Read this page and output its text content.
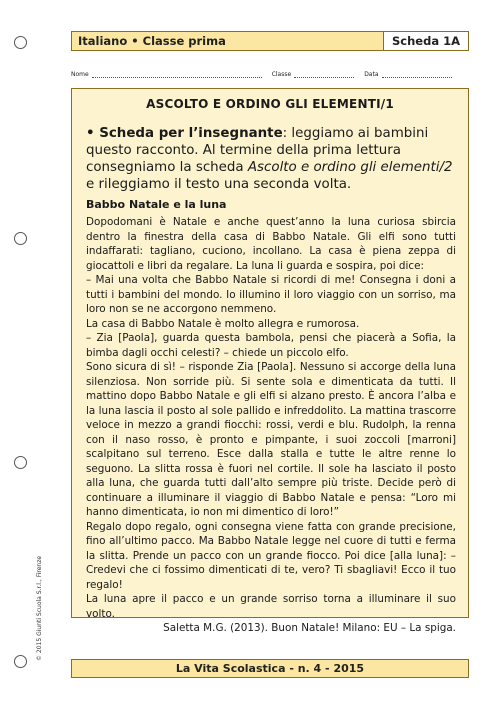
Italiano • Classe prima	Scheda 1A
Nome	Classe	Data
ASCOLTO E ORDINO GLI ELEMENTI/1
• Scheda per l’insegnante: leggiamo ai bambini questo racconto. Al termine della prima lettura consegniamo la scheda Ascolto e ordino gli elementi/2 e rileggiamo il testo una seconda volta.
Babbo Natale e la luna
Dopodomani è Natale e anche quest’anno la luna curiosa sbircia dentro la finestra della casa di Babbo Natale. Gli elfi sono tutti indaffarati: tagliano, cuciono, incollano. La casa è piena zeppa di giocattoli e libri da regalare. La luna li guarda e sospira, poi dice:
– Mai una volta che Babbo Natale si ricordi di me! Consegna i doni a tutti i bambini del mondo. Io illumino il loro viaggio con un sorriso, ma loro non se ne accorgono nemmeno.
La casa di Babbo Natale è molto allegra e rumorosa.
– Zia [Paola], guarda questa bambola, pensi che piacerà a Sofia, la bimba dagli occhi celesti? – chiede un piccolo elfo.
Sono sicura di sì! – risponde Zia [Paola]. Nessuno si accorge della luna silenziosa. Non sorride più. Si sente sola e dimenticata da tutti. Il mattino dopo Babbo Natale e gli elfi si alzano presto. È ancora l’alba e la luna lascia il posto al sole pallido e infreddolito. La mattina trascorre veloce in mezzo a grandi fiocchi: rossi, verdi e blu. Rudolph, la renna con il naso rosso, è pronto e pimpante, i suoi zoccoli [marroni] scalpitano sul terreno. Esce dalla stalla e tutte le altre renne lo seguono. La slitta rossa è fuori nel cortile. Il sole ha lasciato il posto alla luna, che guarda tutti dall’alto sempre più triste. Decide però di continuare a illuminare il viaggio di Babbo Natale e pensa: “Loro mi hanno dimenticata, io non mi dimentico di loro!”
Regalo dopo regalo, ogni consegna viene fatta con grande precisione, fino all’ultimo pacco. Ma Babbo Natale legge nel cuore di tutti e ferma la slitta. Prende un pacco con un grande fiocco. Poi dice [alla luna]: – Credevi che ci fossimo dimenticati di te, vero? Ti sbagliavi! Ecco il tuo regalo!
La luna apre il pacco e un grande sorriso torna a illuminare il suo volto.
Saletta M.G. (2013). Buon Natale! Milano: EU – La spiga.
© 2015 Giunti Scuola S.r.l., Firenze
La Vita Scolastica - n. 4 - 2015
